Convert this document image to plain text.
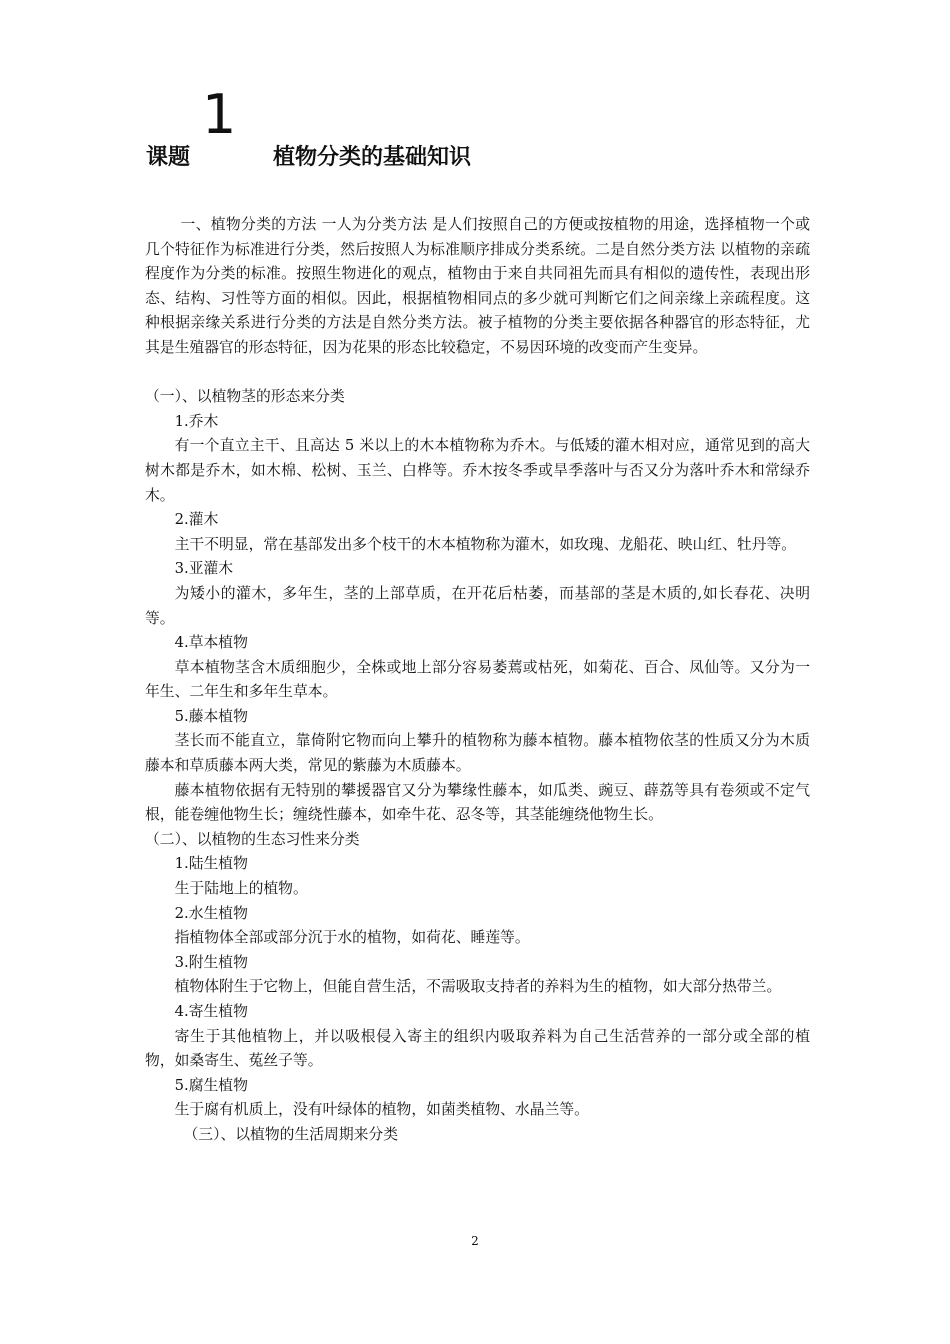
1
课题	植物分类的基础知识

一、植物分类的方法 一人为分类方法 是人们按照自己的方便或按植物的用途，选择植物一个或几个特征作为标准进行分类，然后按照人为标准顺序排成分类系统。二是自然分类方法 以植物的亲疏程度作为分类的标准。按照生物进化的观点，植物由于来自共同祖先而具有相似的遗传性，表现出形态、结构、习性等方面的相似。因此，根据植物相同点的多少就可判断它们之间亲缘上亲疏程度。这种根据亲缘关系进行分类的方法是自然分类方法。被子植物的分类主要依据各种器官的形态特征，尤其是生殖器官的形态特征，因为花果的形态比较稳定，不易因环境的改变而产生变异。

（一）、以植物茎的形态来分类

1.乔木

有一个直立主干、且高达 5 米以上的木本植物称为乔木。与低矮的灌木相对应，通常见到的高大树木都是乔木，如木棉、松树、玉兰、白桦等。乔木按冬季或旱季落叶与否又分为落叶乔木和常绿乔木。

2.灌木

主干不明显，常在基部发出多个枝干的木本植物称为灌木，如玫瑰、龙船花、映山红、牡丹等。

3.亚灌木

为矮小的灌木，多年生，茎的上部草质，在开花后枯萎，而基部的茎是木质的,如长春花、决明等。

4.草本植物

草本植物茎含木质细胞少，全株或地上部分容易萎蔫或枯死，如菊花、百合、凤仙等。又分为一年生、二年生和多年生草本。

5.藤本植物

茎长而不能直立，靠倚附它物而向上攀升的植物称为藤本植物。藤本植物依茎的性质又分为木质藤本和草质藤本两大类，常见的紫藤为木质藤本。

藤本植物依据有无特别的攀援器官又分为攀缘性藤本，如瓜类、豌豆、薜荔等具有卷须或不定气根，能卷缠他物生长；缠绕性藤本，如牵牛花、忍冬等，其茎能缠绕他物生长。

（二）、以植物的生态习性来分类

1.陆生植物

生于陆地上的植物。

2.水生植物

指植物体全部或部分沉于水的植物，如荷花、睡莲等。

3.附生植物

植物体附生于它物上，但能自营生活，不需吸取支持者的养料为生的植物，如大部分热带兰。

4.寄生植物

寄生于其他植物上，并以吸根侵入寄主的组织内吸取养料为自己生活营养的一部分或全部的植物，如桑寄生、菟丝子等。

5.腐生植物

生于腐有机质上，没有叶绿体的植物，如菌类植物、水晶兰等。

（三）、以植物的生活周期来分类

2
